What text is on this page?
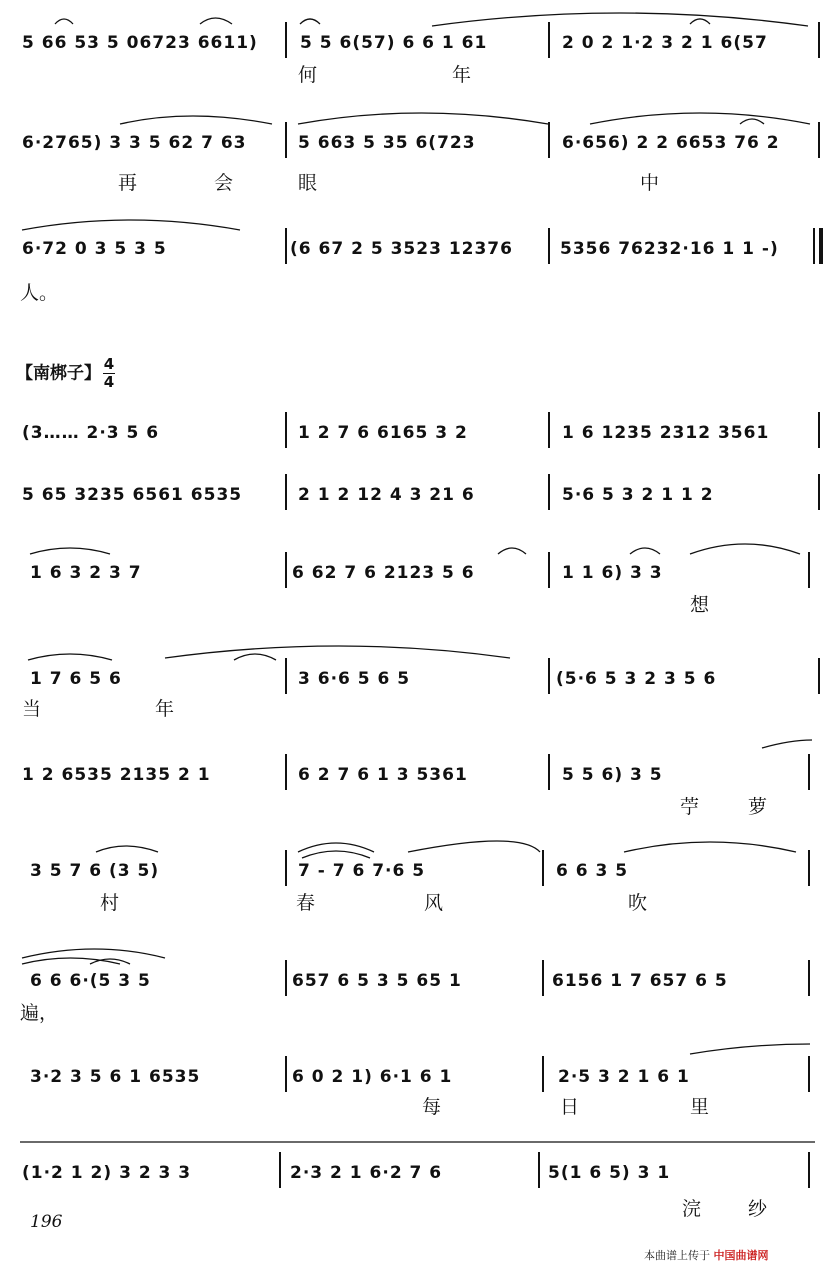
5 66 53 5 06723 6611) 5 5 6(57) 6 6 1 61	2 0 2 1·2 3 2 1 6(57
何	年
6·2765) 3 3 5 62 7 63	5 663 5 35 6(723	6·656) 2 2 6653 76 2
再	会	眼	中
6·72 0 3 5 3 5	(6 67 2 5 3523 12376	5356 76232·16 1 1 -)
人。
【南梆子】 $\frac{4}{4}$
(3…… 2·3 5 6	1 2 7 6 6165 3 2	1 6 1235 2312 3561
5 65 3235 6561 6535	2 1 2 12 4 3 21 6	5·6 5 3 2 1 1 2
1 6 3 2 3 7	6 62 7 6 2123 5 6	1 1 6) 3 3
想
1 7 6 5 6	3 6·6 5 6 5	(5·6 5 3 2 3 5 6
当	年
1 2 6535 2135 2 1	6 2 7 6 1 3 5361	5 5 6) 3 5
苧	萝
3 5 7 6 (3 5)	7 - 7 6 7·6 5	6 6 3 5
村	春	风	吹
6 6 6·(5 3 5	657 6 5 3 5 65 1	6156 1 7 657 6 5
遍，
3·2 3 5 6 1 6535	6 0 2 1) 6·1 6 1	2·5 3 2 1 6 1
每	日	里
(1·2 1 2) 3 2 3 3	2·3 2 1 6·2 7 6	5(1 6 5) 3 1
浣 纱
196
本曲谱上传于 中国曲谱网
